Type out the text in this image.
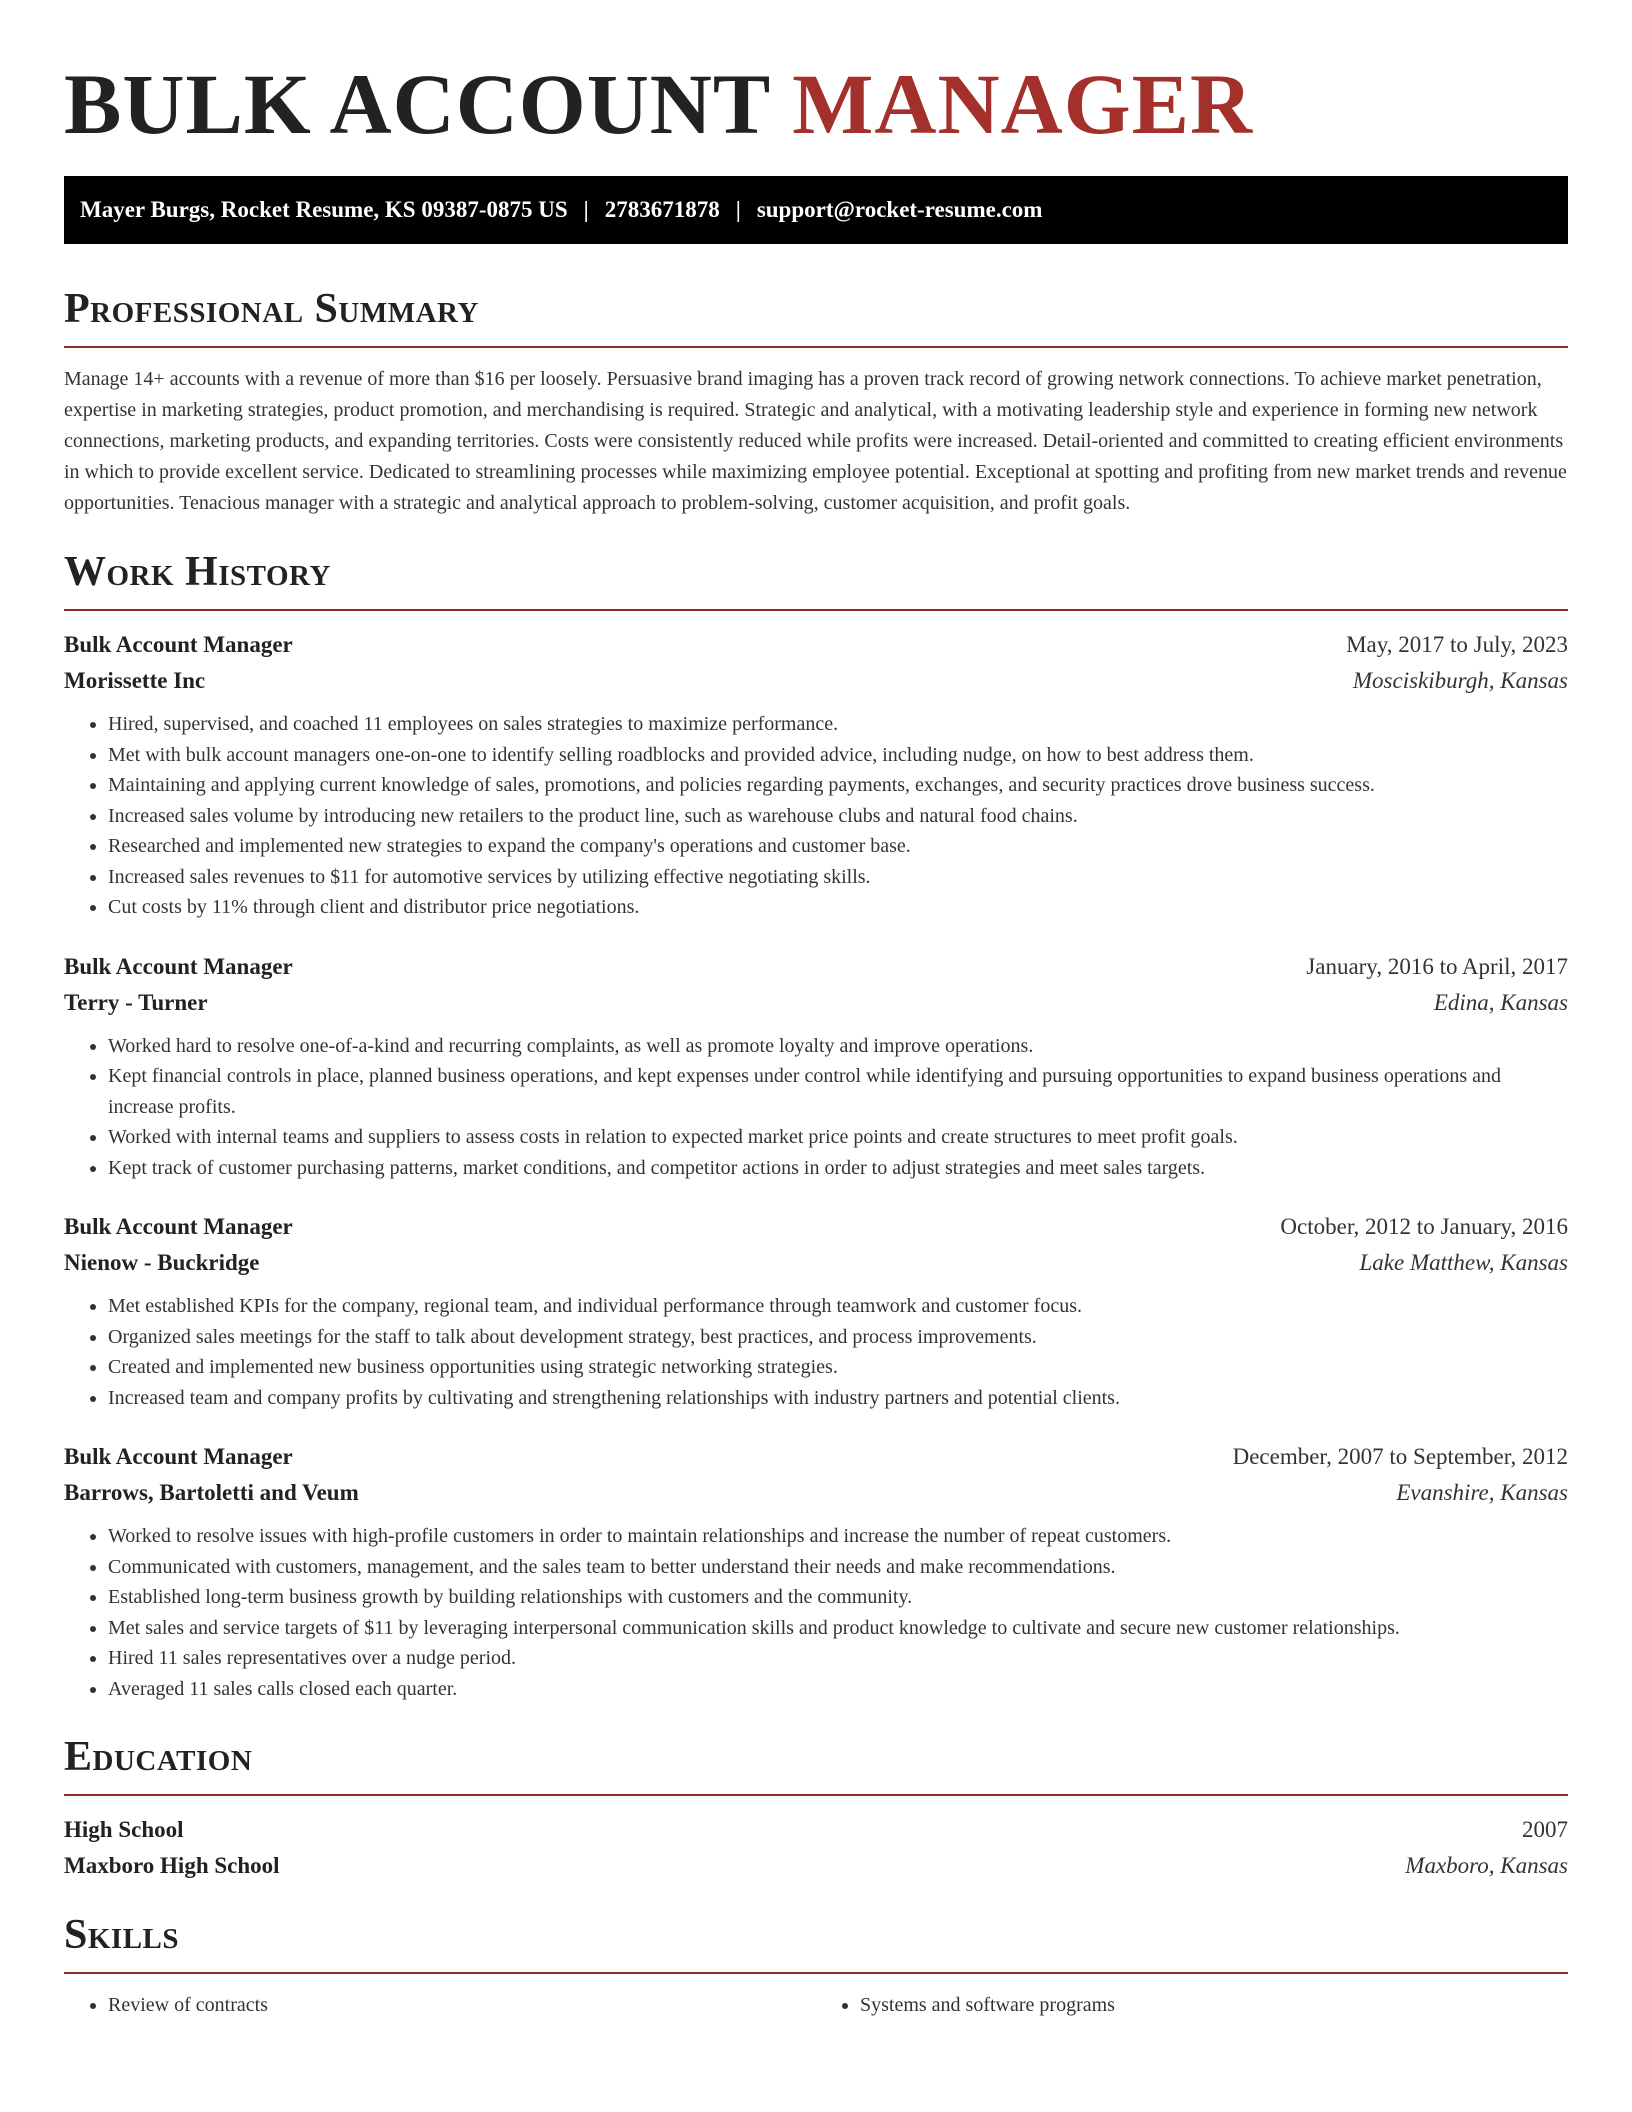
BULK ACCOUNT MANAGER
Mayer Burgs, Rocket Resume, KS 09387-0875 US | 2783671878 | support@rocket-resume.com
Professional Summary

Manage 14+ accounts with a revenue of more than $16 per loosely. Persuasive brand imaging has a proven track record of growing network connections. To achieve market penetration, expertise in marketing strategies, product promotion, and merchandising is required. Strategic and analytical, with a motivating leadership style and experience in forming new network connections, marketing products, and expanding territories. Costs were consistently reduced while profits were increased. Detail-oriented and committed to creating efficient environments in which to provide excellent service. Dedicated to streamlining processes while maximizing employee potential. Exceptional at spotting and profiting from new market trends and revenue opportunities. Tenacious manager with a strategic and analytical approach to problem-solving, customer acquisition, and profit goals.

Work History
Bulk Account Manager	May, 2017 to July, 2023
Morissette Inc	Mosciskiburgh, Kansas
• Hired, supervised, and coached 11 employees on sales strategies to maximize performance.
• Met with bulk account managers one-on-one to identify selling roadblocks and provided advice, including nudge, on how to best address them.
• Maintaining and applying current knowledge of sales, promotions, and policies regarding payments, exchanges, and security practices drove business success.
• Increased sales volume by introducing new retailers to the product line, such as warehouse clubs and natural food chains.
• Researched and implemented new strategies to expand the company's operations and customer base.
• Increased sales revenues to $11 for automotive services by utilizing effective negotiating skills.
• Cut costs by 11% through client and distributor price negotiations.
Bulk Account Manager	January, 2016 to April, 2017
Terry - Turner	Edina, Kansas
• Worked hard to resolve one-of-a-kind and recurring complaints, as well as promote loyalty and improve operations.
• Kept financial controls in place, planned business operations, and kept expenses under control while identifying and pursuing opportunities to expand business operations and increase profits.
• Worked with internal teams and suppliers to assess costs in relation to expected market price points and create structures to meet profit goals.
• Kept track of customer purchasing patterns, market conditions, and competitor actions in order to adjust strategies and meet sales targets.
Bulk Account Manager	October, 2012 to January, 2016
Nienow - Buckridge	Lake Matthew, Kansas
• Met established KPIs for the company, regional team, and individual performance through teamwork and customer focus.
• Organized sales meetings for the staff to talk about development strategy, best practices, and process improvements.
• Created and implemented new business opportunities using strategic networking strategies.
• Increased team and company profits by cultivating and strengthening relationships with industry partners and potential clients.
Bulk Account Manager	December, 2007 to September, 2012
Barrows, Bartoletti and Veum	Evanshire, Kansas
• Worked to resolve issues with high-profile customers in order to maintain relationships and increase the number of repeat customers.
• Communicated with customers, management, and the sales team to better understand their needs and make recommendations.
• Established long-term business growth by building relationships with customers and the community.
• Met sales and service targets of $11 by leveraging interpersonal communication skills and product knowledge to cultivate and secure new customer relationships.
• Hired 11 sales representatives over a nudge period.
• Averaged 11 sales calls closed each quarter.
Education
High School	2007
Maxboro High School	Maxboro, Kansas
Skills
• Review of contracts
•	Systems and software programs
